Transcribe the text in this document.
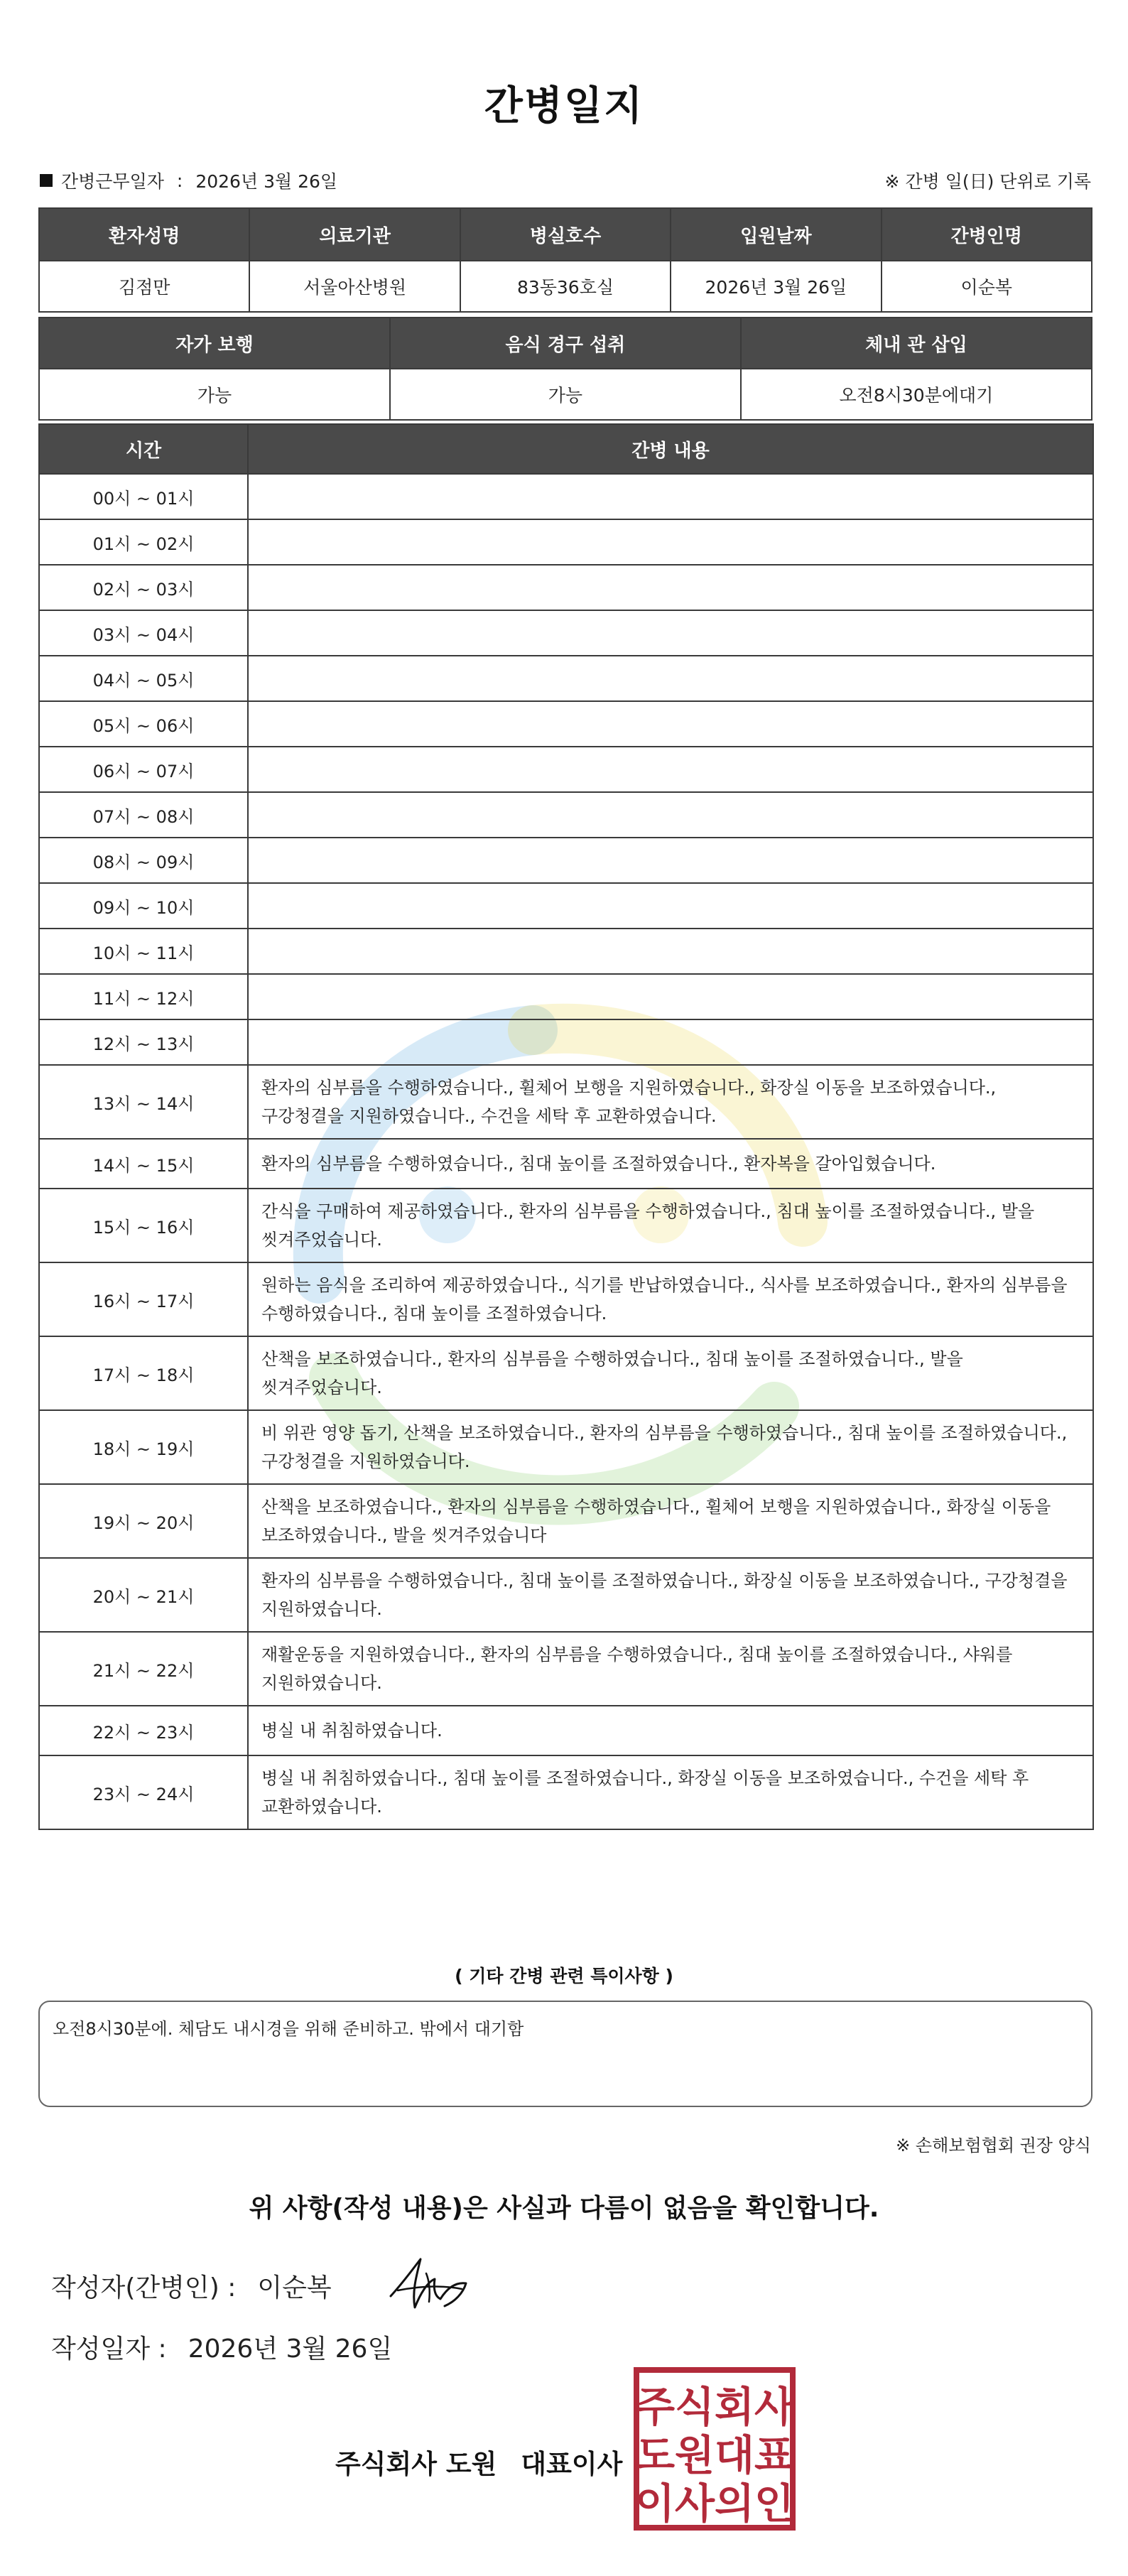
간병일지
간병근무일자 : 2026년 3월 26일	※ 간병 일(日) 단위로 기록
환자성명	의료기관	병실호수	입원날짜	간병인명
김점만	서울아산병원	83동36호실	2026년 3월 26일	이순복
자가 보행	음식 경구 섭취	체내 관 삽입
가능	가능	오전8시30분에대기
시간	간병 내용
00시 ~ 01시	
01시 ~ 02시	
02시 ~ 03시	
03시 ~ 04시	
04시 ~ 05시	
05시 ~ 06시	
06시 ~ 07시	
07시 ~ 08시	
08시 ~ 09시	
09시 ~ 10시	
10시 ~ 11시	
11시 ~ 12시	
12시 ~ 13시	
13시 ~ 14시	환자의 심부름을 수행하였습니다., 휠체어 보행을 지원하였습니다., 화장실 이동을 보조하였습니다., 구강청결을 지원하였습니다., 수건을 세탁 후 교환하였습니다.
14시 ~ 15시	환자의 심부름을 수행하였습니다., 침대 높이를 조절하였습니다., 환자복을 갈아입혔습니다.
15시 ~ 16시	간식을 구매하여 제공하였습니다., 환자의 심부름을 수행하였습니다., 침대 높이를 조절하였습니다., 발을 씻겨주었습니다.
16시 ~ 17시	원하는 음식을 조리하여 제공하였습니다., 식기를 반납하였습니다., 식사를 보조하였습니다., 환자의 심부름을 수행하였습니다., 침대 높이를 조절하였습니다.
17시 ~ 18시	산책을 보조하였습니다., 환자의 심부름을 수행하였습니다., 침대 높이를 조절하였습니다., 발을 씻겨주었습니다.
18시 ~ 19시	비 위관 영양 돕기, 산책을 보조하였습니다., 환자의 심부름을 수행하였습니다., 침대 높이를 조절하였습니다., 구강청결을 지원하였습니다.
19시 ~ 20시	산책을 보조하였습니다., 환자의 심부름을 수행하였습니다., 휠체어 보행을 지원하였습니다., 화장실 이동을 보조하였습니다., 발을 씻겨주었습니다
20시 ~ 21시	환자의 심부름을 수행하였습니다., 침대 높이를 조절하였습니다., 화장실 이동을 보조하였습니다., 구강청결을 지원하였습니다.
21시 ~ 22시	재활운동을 지원하였습니다., 환자의 심부름을 수행하였습니다., 침대 높이를 조절하였습니다., 샤워를 지원하였습니다.
22시 ~ 23시	병실 내 취침하였습니다.
23시 ~ 24시	병실 내 취침하였습니다., 침대 높이를 조절하였습니다., 화장실 이동을 보조하였습니다., 수건을 세탁 후 교환하였습니다.
( 기타 간병 관련 특이사항 )
오전8시30분에. 체담도 내시경을 위해 준비하고. 밖에서 대기함
※ 손해보험협회 권장 양식
위 사항(작성 내용)은 사실과 다름이 없음을 확인합니다.
작성자(간병인) : 이순복
작성일자 : 2026년 3월 26일
주식회사 도원 대표이사
주식회사
도원대표
이사의인
